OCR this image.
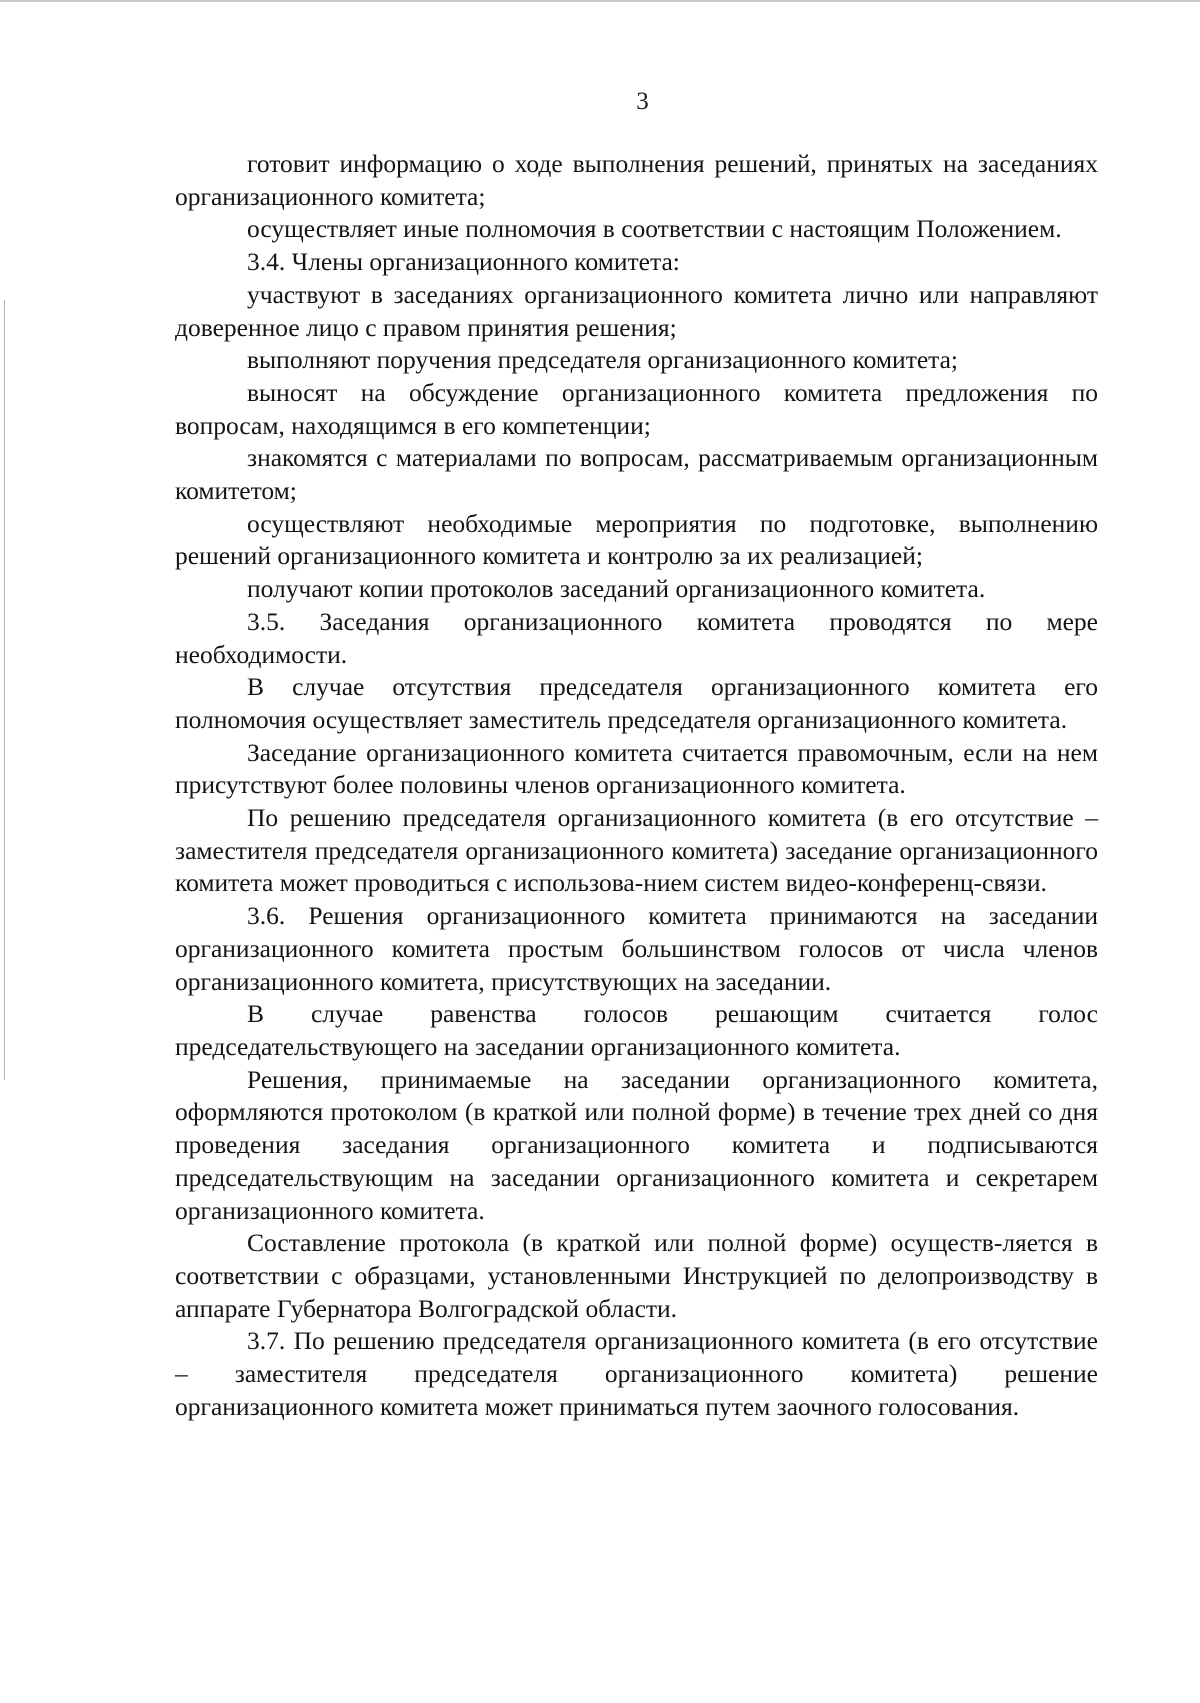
3

готовит информацию о ходе выполнения решений, принятых на заседаниях организационного комитета;

осуществляет иные полномочия в соответствии с настоящим Положением.

3.4. Члены организационного комитета:

участвуют в заседаниях организационного комитета лично или направляют доверенное лицо с правом принятия решения;

выполняют поручения председателя организационного комитета;

выносят на обсуждение организационного комитета предложения по вопросам, находящимся в его компетенции;

знакомятся с материалами по вопросам, рассматриваемым организационным комитетом;

осуществляют необходимые мероприятия по подготовке, выполнению решений организационного комитета и контролю за их реализацией;

получают копии протоколов заседаний организационного комитета.

3.5. Заседания организационного комитета проводятся по мере необходимости.

В случае отсутствия председателя организационного комитета его полномочия осуществляет заместитель председателя организационного комитета.

Заседание организационного комитета считается правомочным, если на нем присутствуют более половины членов организационного комитета.

По решению председателя организационного комитета (в его отсутствие – заместителя председателя организационного комитета) заседание организационного комитета может проводиться с использова-нием систем видео-конференц-связи.

3.6. Решения организационного комитета принимаются на заседании организационного комитета простым большинством голосов от числа членов организационного комитета, присутствующих на заседании.

В случае равенства голосов решающим считается голос председательствующего на заседании организационного комитета.

Решения, принимаемые на заседании организационного комитета, оформляются протоколом (в краткой или полной форме) в течение трех дней со дня проведения заседания организационного комитета и подписываются председательствующим на заседании организационного комитета и секретарем организационного комитета.

Составление протокола (в краткой или полной форме) осуществ-ляется в соответствии с образцами, установленными Инструкцией по делопроизводству в аппарате Губернатора Волгоградской области.

3.7. По решению председателя организационного комитета (в его отсутствие – заместителя председателя организационного комитета) решение организационного комитета может приниматься путем заочного голосования.
